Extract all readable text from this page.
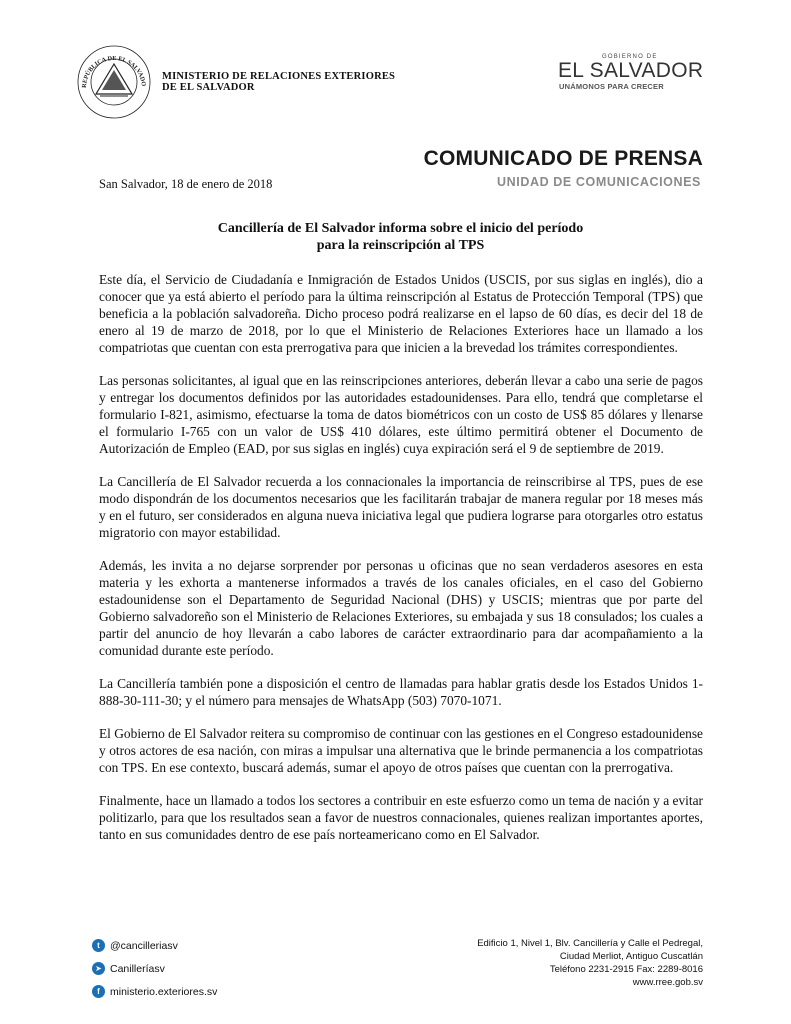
REPÚBLICA DE EL SALVADO
MINISTERIO DE RELACIONES EXTERIORES
DE EL SALVADOR
GOBIERNO DE
EL SALVADOR
UNÁMONOS PARA CRECER
COMUNICADO DE PRENSA
UNIDAD DE COMUNICACIONES
San Salvador, 18 de enero de 2018
Cancillería de El Salvador informa sobre el inicio del período
para la reinscripción al TPS

Este día, el Servicio de Ciudadanía e Inmigración de Estados Unidos (USCIS, por sus siglas en inglés), dio a conocer que ya está abierto el período para la última reinscripción al Estatus de Protección Temporal (TPS) que beneficia a la población salvadoreña. Dicho proceso podrá realizarse en el lapso de 60 días, es decir del 18 de enero al 19 de marzo de 2018, por lo que el Ministerio de Relaciones Exteriores hace un llamado a los compatriotas que cuentan con esta prerrogativa para que inicien a la brevedad los trámites correspondientes.

Las personas solicitantes, al igual que en las reinscripciones anteriores, deberán llevar a cabo una serie de pagos y entregar los documentos definidos por las autoridades estadounidenses. Para ello, tendrá que completarse el formulario I-821, asimismo, efectuarse la toma de datos biométricos con un costo de US$ 85 dólares y llenarse el formulario I-765 con un valor de US$ 410 dólares, este último permitirá obtener el Documento de Autorización de Empleo (EAD, por sus siglas en inglés) cuya expiración será el 9 de septiembre de 2019.

La Cancillería de El Salvador recuerda a los connacionales la importancia de reinscribirse al TPS, pues de ese modo dispondrán de los documentos necesarios que les facilitarán trabajar de manera regular por 18 meses más y en el futuro, ser considerados en alguna nueva iniciativa legal que pudiera lograrse para otorgarles otro estatus migratorio con mayor estabilidad.

Además, les invita a no dejarse sorprender por personas u oficinas que no sean verdaderos asesores en esta materia y les exhorta a mantenerse informados a través de los canales oficiales, en el caso del Gobierno estadounidense son el Departamento de Seguridad Nacional (DHS) y USCIS; mientras que por parte del Gobierno salvadoreño son el Ministerio de Relaciones Exteriores, su embajada y sus 18 consulados; los cuales a partir del anuncio de hoy llevarán a cabo labores de carácter extraordinario para dar acompañamiento a la comunidad durante este período.

La Cancillería también pone a disposición el centro de llamadas para hablar gratis desde los Estados Unidos 1-888-30-111-30; y el número para mensajes de WhatsApp (503) 7070-1071.

El Gobierno de El Salvador reitera su compromiso de continuar con las gestiones en el Congreso estadounidense y otros actores de esa nación, con miras a impulsar una alternativa que le brinde permanencia a los compatriotas con TPS. En ese contexto, buscará además, sumar el apoyo de otros países que cuentan con la prerrogativa.

Finalmente, hace un llamado a todos los sectores a contribuir en este esfuerzo como un tema de nación y a evitar politizarlo, para que los resultados sean a favor de nuestros connacionales, quienes realizan importantes aportes, tanto en sus comunidades dentro de ese país norteamericano como en El Salvador.

t @cancilleriasv
➤ Canilleríasv
f ministerio.exteriores.sv
Edificio 1, Nivel 1, Blv. Cancillería y Calle el Pedregal,
Ciudad Merliot, Antiguo Cuscatlán
Teléfono 2231-2915 Fax: 2289-8016
www.rree.gob.sv
